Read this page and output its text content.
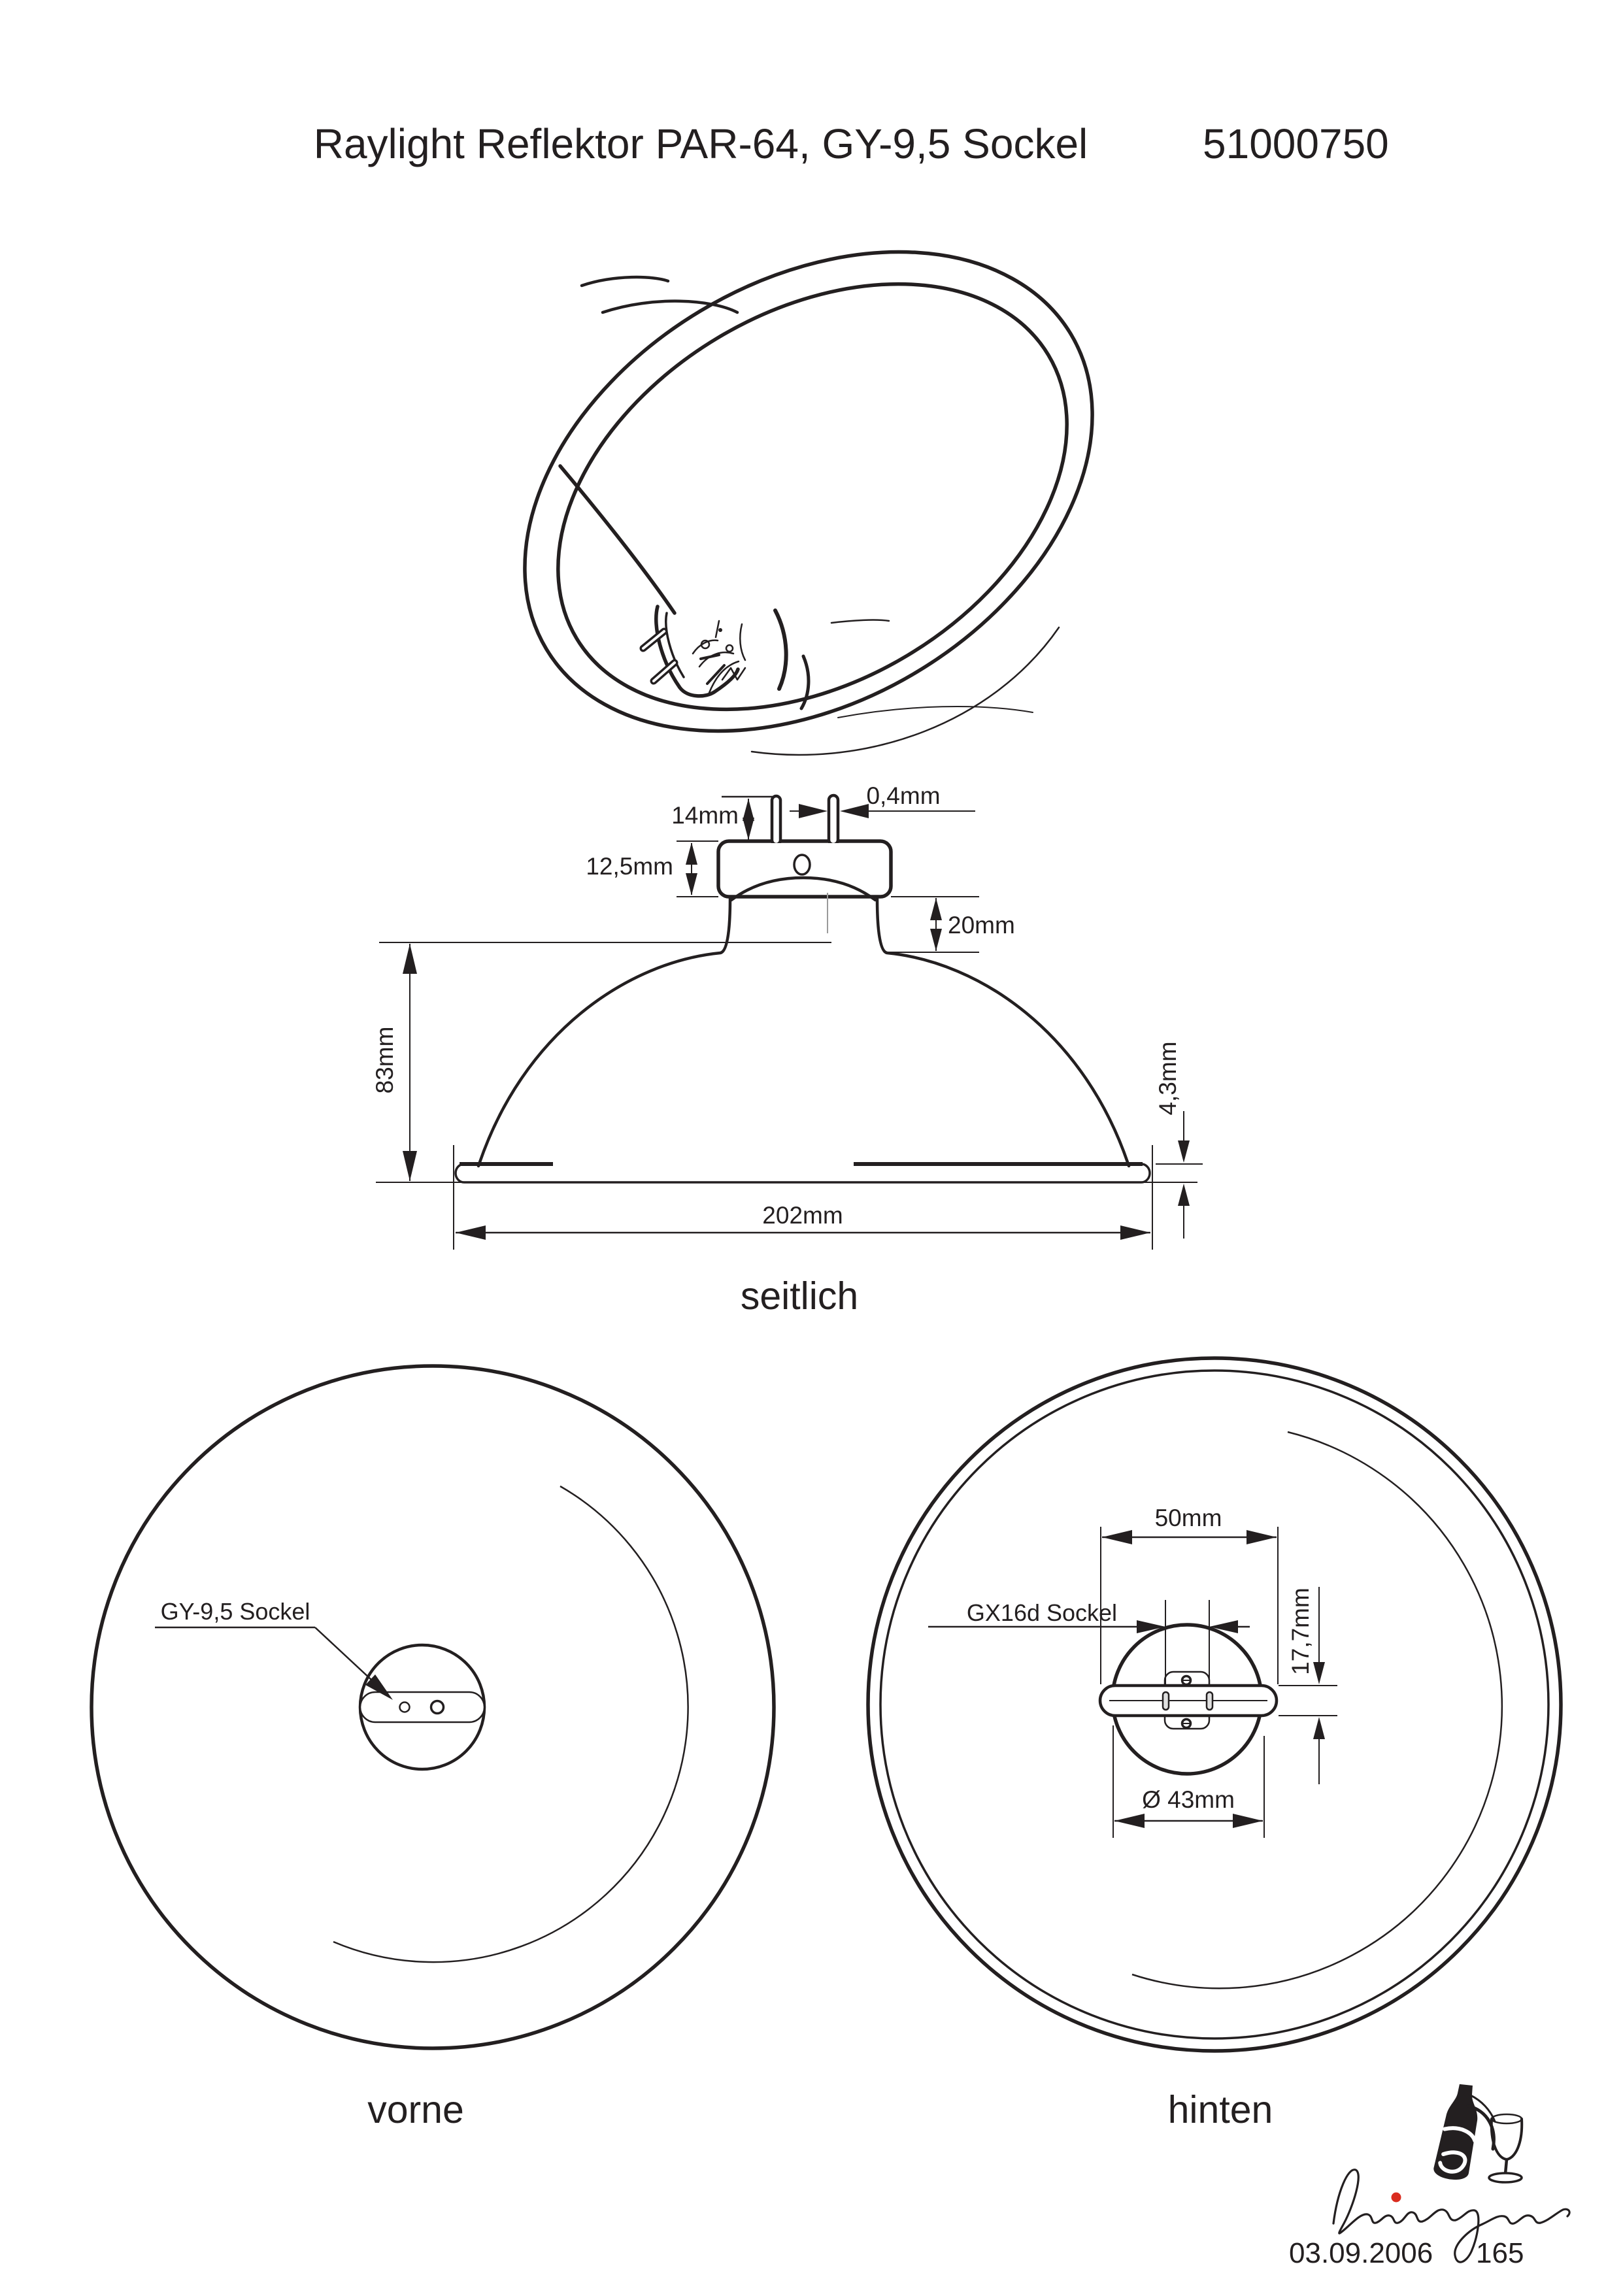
Raylight Reflektor PAR-64, GY-9,5 Sockel	51000750
14mm
0,4mm
12,5mm
20mm
83mm	4,3mm
202mm
seitlich
GY-9,5 Sockel
vorne
50mm
GX16d Sockel	17,7mm
Ø 43mm
hinten
03.09.2006 165
